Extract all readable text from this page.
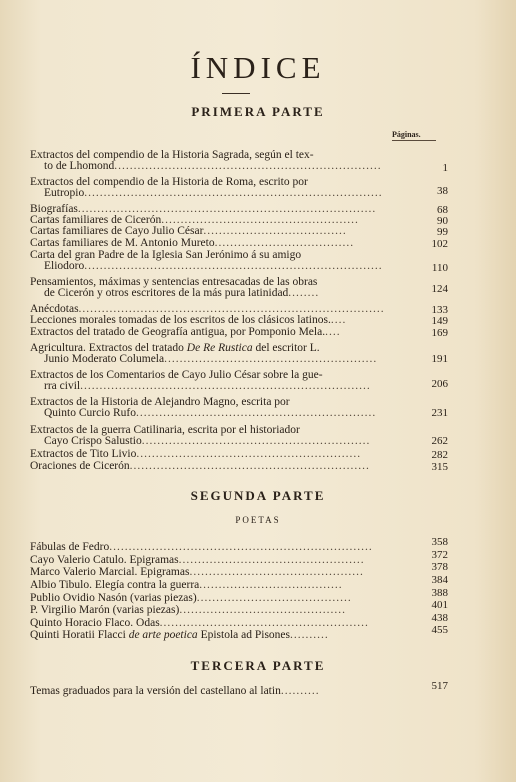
ÍNDICE
PRIMERA PARTE
Páginas.
Extractos del compendio de la Historia Sagrada, según el tex-
to de Lhomond.....................................................................	1
Extractos del compendio de la Historia de Roma, escrito por
Eutropio.............................................................................	38
Biografías.............................................................................	68
Cartas familiares de Cicerón...................................................	90
Cartas familiares de Cayo Julio César.....................................	99
Cartas familiares de M. Antonio Mureto....................................	102
Carta del gran Padre de la Iglesia San Jerónimo á su amigo
Eliodoro.............................................................................	110
Pensamientos, máximas y sentencias entresacadas de las obras
de Cicerón y otros escritores de la más pura latinidad........	124
Anécdotas...............................................................................	133
Lecciones morales tomadas de los escritos de los clásicos latinos.....	149
Extractos del tratado de Geografía antigua, por Pomponio Mela.....	169
Agricultura. Extractos del tratado De Re Rustica del escritor L.
Junio Moderato Columela.......................................................	191
Extractos de los Comentarios de Cayo Julio César sobre la gue-
rra civil...........................................................................	206
Extractos de la Historia de Alejandro Magno, escrita por
Quinto Curcio Rufo..............................................................	231
Extractos de la guerra Catilinaria, escrita por el historiador
Cayo Crispo Salustio...........................................................	262
Extractos de Tito Livio..........................................................	282
Oraciones de Cicerón..............................................................	315
SEGUNDA PARTE
POETAS
Fábulas de Fedro....................................................................	358
Cayo Valerio Catulo. Epigramas................................................	372
Marco Valerio Marcial. Epigramas.............................................	378
Albio Tibulo. Elegía contra la guerra.....................................	384
Publio Ovidio Nasón (varias piezas)........................................	388
P. Virgilio Marón (varias piezas)...........................................	401
Quinto Horacio Flaco. Odas......................................................	438
Quinti Horatii Flacci de arte poetica Epistola ad Pisones..........	455
TERCERA PARTE
Temas graduados para la versión del castellano al latin..........	517
